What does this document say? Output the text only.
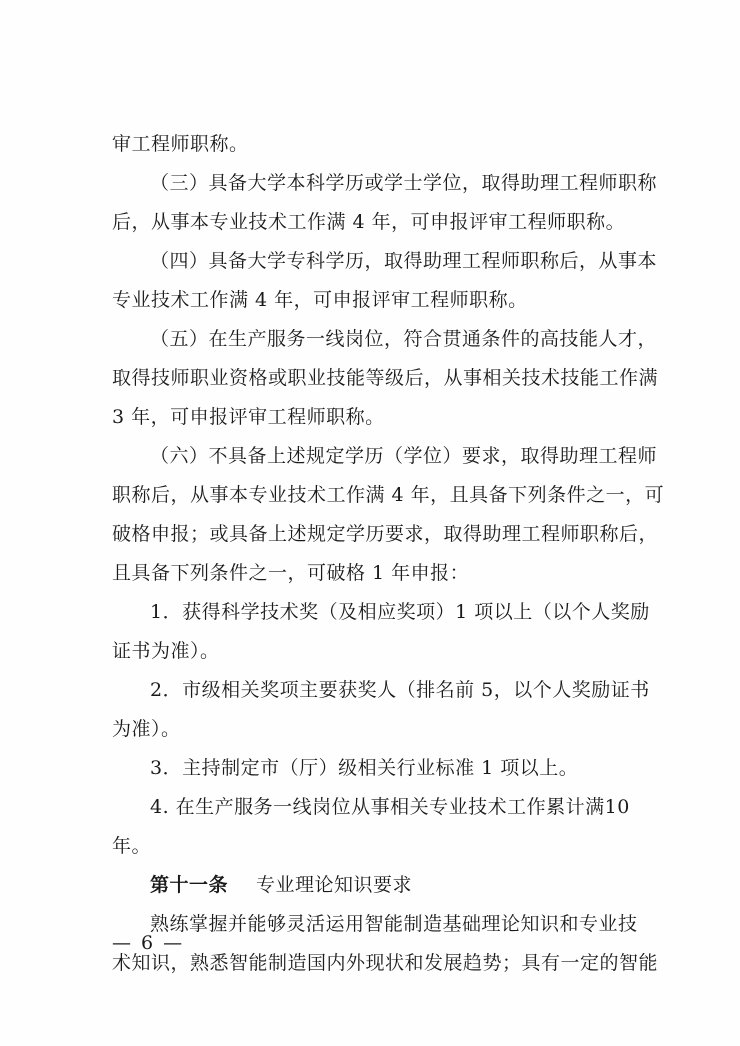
审工程师职称。
（三）具备大学本科学历或学士学位，取得助理工程师职称
后，从事本专业技术工作满 4 年，可申报评审工程师职称。
（四）具备大学专科学历，取得助理工程师职称后，从事本
专业技术工作满 4 年，可申报评审工程师职称。
（五）在生产服务一线岗位，符合贯通条件的高技能人才，
取得技师职业资格或职业技能等级后，从事相关技术技能工作满
3 年，可申报评审工程师职称。
（六）不具备上述规定学历（学位）要求，取得助理工程师
职称后，从事本专业技术工作满 4 年，且具备下列条件之一，可
破格申报；或具备上述规定学历要求，取得助理工程师职称后，
且具备下列条件之一，可破格 1 年申报：
1．获得科学技术奖（及相应奖项）1 项以上（以个人奖励
证书为准）。
2．市级相关奖项主要获奖人（排名前 5，以个人奖励证书
为准）。
3．主持制定市（厅）级相关行业标准 1 项以上。
4. 在生产服务一线岗位从事相关专业技术工作累计满10
年。
第十一条 专业理论知识要求
熟练掌握并能够灵活运用智能制造基础理论知识和专业技
术知识，熟悉智能制造国内外现状和发展趋势；具有一定的智能
— 6 —
